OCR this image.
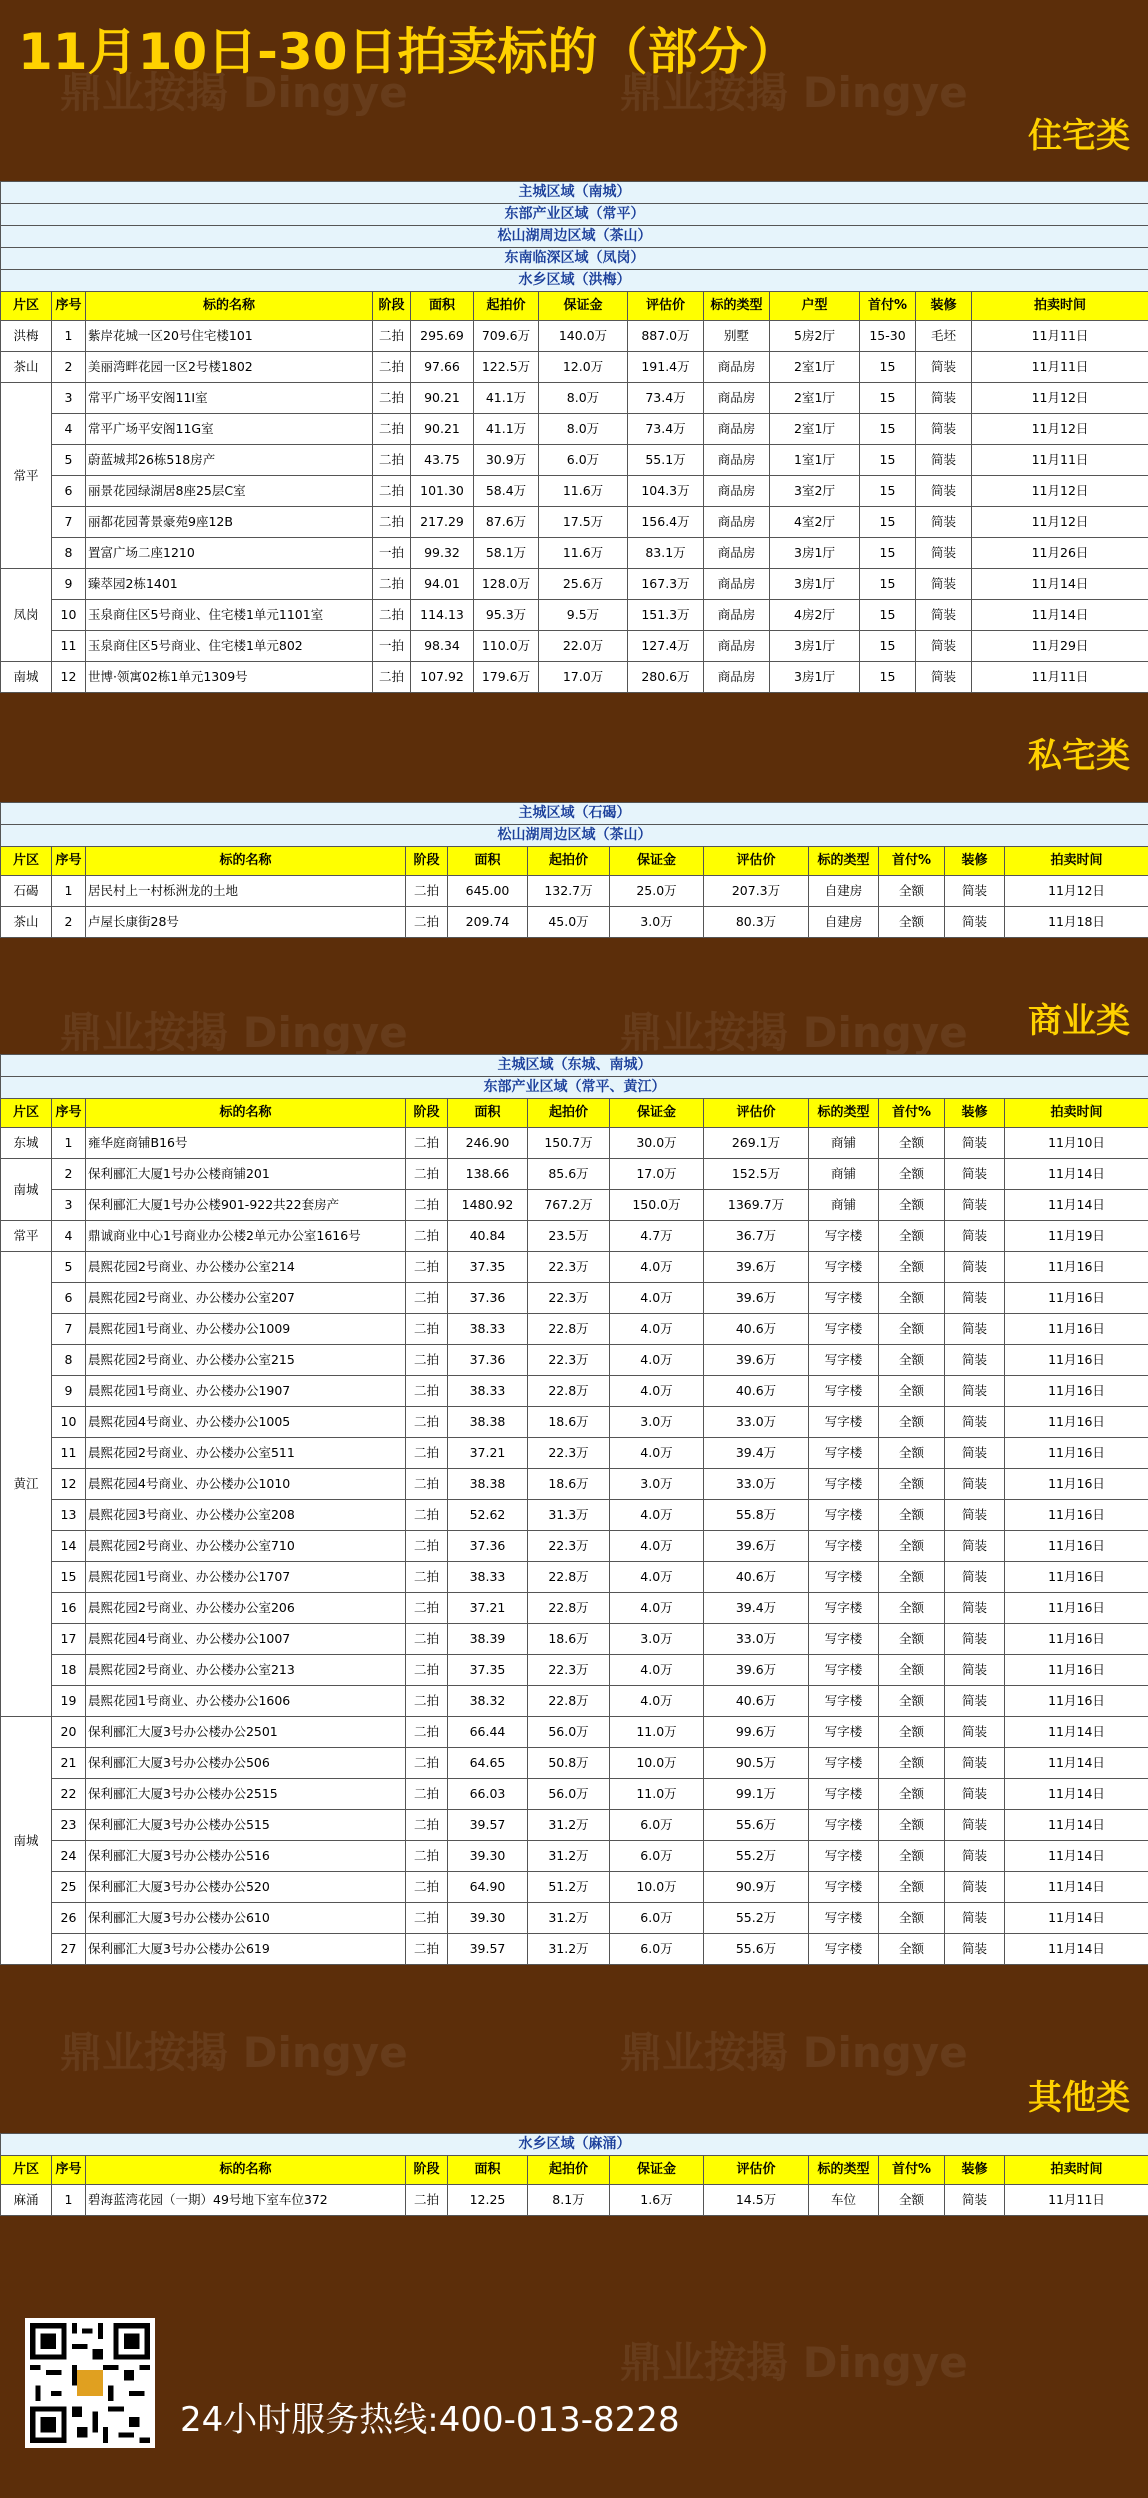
鼎业按揭 Dingye	鼎业按揭 Dingye
鼎业按揭 Dingye	鼎业按揭 Dingye
鼎业按揭 Dingye	鼎业按揭 Dingye
鼎业按揭 Dingye
11月10日-30日拍卖标的（部分）
住宅类
主城区域（南城）												
东部产业区域（常平）												
松山湖周边区域（茶山）												
东南临深区域（凤岗）												
水乡区域（洪梅）												
片区	序号	标的名称	阶段	面积	起拍价	保证金	评估价	标的类型	户型	首付%	装修	拍卖时间
洪梅	1	紫岸花城一区20号住宅楼101	二拍	295.69	709.6万	140.0万	887.0万	别墅	5房2厅	15-30	毛坯	11月11日
茶山	2	美丽湾畔花园一区2号楼1802	二拍	97.66	122.5万	12.0万	191.4万	商品房	2室1厅	15	简装	11月11日
常平	3	常平广场平安阁11I室	二拍	90.21	41.1万	8.0万	73.4万	商品房	2室1厅	15	简装	11月12日
	4	常平广场平安阁11G室	二拍	90.21	41.1万	8.0万	73.4万	商品房	2室1厅	15	简装	11月12日
	5	蔚蓝城邦26栋518房产	二拍	43.75	30.9万	6.0万	55.1万	商品房	1室1厅	15	简装	11月11日
	6	丽景花园绿湖居8座25层C室	二拍	101.30	58.4万	11.6万	104.3万	商品房	3室2厅	15	简装	11月12日
	7	丽都花园菁景豪苑9座12B	二拍	217.29	87.6万	17.5万	156.4万	商品房	4室2厅	15	简装	11月12日
	8	置富广场二座1210	一拍	99.32	58.1万	11.6万	83.1万	商品房	3房1厅	15	简装	11月26日
凤岗	9	臻萃园2栋1401	二拍	94.01	128.0万	25.6万	167.3万	商品房	3房1厅	15	简装	11月14日
	10	玉泉商住区5号商业、住宅楼1单元1101室	二拍	114.13	95.3万	9.5万	151.3万	商品房	4房2厅	15	简装	11月14日
	11	玉泉商住区5号商业、住宅楼1单元802	一拍	98.34	110.0万	22.0万	127.4万	商品房	3房1厅	15	简装	11月29日
南城	12	世博·领寓02栋1单元1309号	二拍	107.92	179.6万	17.0万	280.6万	商品房	3房1厅	15	简装	11月11日
私宅类
主城区域（石碣）											
松山湖周边区域（茶山）											
片区	序号	标的名称	阶段	面积	起拍价	保证金	评估价	标的类型	首付%	装修	拍卖时间
石碣	1	居民村上一村栎洲龙的土地	二拍	645.00	132.7万	25.0万	207.3万	自建房	全额	简装	11月12日
茶山	2	卢屋长康街28号	二拍	209.74	45.0万	3.0万	80.3万	自建房	全额	简装	11月18日
商业类
主城区域（东城、南城）											
东部产业区域（常平、黄江）											
片区	序号	标的名称	阶段	面积	起拍价	保证金	评估价	标的类型	首付%	装修	拍卖时间
东城	1	雍华庭商铺B16号	二拍	246.90	150.7万	30.0万	269.1万	商铺	全额	简装	11月10日
南城	2	保利郦汇大厦1号办公楼商铺201	二拍	138.66	85.6万	17.0万	152.5万	商铺	全额	简装	11月14日
	3	保利郦汇大厦1号办公楼901-922共22套房产	二拍	1480.92	767.2万	150.0万	1369.7万	商铺	全额	简装	11月14日
常平	4	鼎诚商业中心1号商业办公楼2单元办公室1616号	二拍	40.84	23.5万	4.7万	36.7万	写字楼	全额	简装	11月19日
黄江	5	晨熙花园2号商业、办公楼办公室214	二拍	37.35	22.3万	4.0万	39.6万	写字楼	全额	简装	11月16日
	6	晨熙花园2号商业、办公楼办公室207	二拍	37.36	22.3万	4.0万	39.6万	写字楼	全额	简装	11月16日
	7	晨熙花园1号商业、办公楼办公1009	二拍	38.33	22.8万	4.0万	40.6万	写字楼	全额	简装	11月16日
	8	晨熙花园2号商业、办公楼办公室215	二拍	37.36	22.3万	4.0万	39.6万	写字楼	全额	简装	11月16日
	9	晨熙花园1号商业、办公楼办公1907	二拍	38.33	22.8万	4.0万	40.6万	写字楼	全额	简装	11月16日
	10	晨熙花园4号商业、办公楼办公1005	二拍	38.38	18.6万	3.0万	33.0万	写字楼	全额	简装	11月16日
	11	晨熙花园2号商业、办公楼办公室511	二拍	37.21	22.3万	4.0万	39.4万	写字楼	全额	简装	11月16日
	12	晨熙花园4号商业、办公楼办公1010	二拍	38.38	18.6万	3.0万	33.0万	写字楼	全额	简装	11月16日
	13	晨熙花园3号商业、办公楼办公室208	二拍	52.62	31.3万	4.0万	55.8万	写字楼	全额	简装	11月16日
	14	晨熙花园2号商业、办公楼办公室710	二拍	37.36	22.3万	4.0万	39.6万	写字楼	全额	简装	11月16日
	15	晨熙花园1号商业、办公楼办公1707	二拍	38.33	22.8万	4.0万	40.6万	写字楼	全额	简装	11月16日
	16	晨熙花园2号商业、办公楼办公室206	二拍	37.21	22.8万	4.0万	39.4万	写字楼	全额	简装	11月16日
	17	晨熙花园4号商业、办公楼办公1007	二拍	38.39	18.6万	3.0万	33.0万	写字楼	全额	简装	11月16日
	18	晨熙花园2号商业、办公楼办公室213	二拍	37.35	22.3万	4.0万	39.6万	写字楼	全额	简装	11月16日
	19	晨熙花园1号商业、办公楼办公1606	二拍	38.32	22.8万	4.0万	40.6万	写字楼	全额	简装	11月16日
南城	20	保利郦汇大厦3号办公楼办公2501	二拍	66.44	56.0万	11.0万	99.6万	写字楼	全额	简装	11月14日
	21	保利郦汇大厦3号办公楼办公506	二拍	64.65	50.8万	10.0万	90.5万	写字楼	全额	简装	11月14日
	22	保利郦汇大厦3号办公楼办公2515	二拍	66.03	56.0万	11.0万	99.1万	写字楼	全额	简装	11月14日
	23	保利郦汇大厦3号办公楼办公515	二拍	39.57	31.2万	6.0万	55.6万	写字楼	全额	简装	11月14日
	24	保利郦汇大厦3号办公楼办公516	二拍	39.30	31.2万	6.0万	55.2万	写字楼	全额	简装	11月14日
	25	保利郦汇大厦3号办公楼办公520	二拍	64.90	51.2万	10.0万	90.9万	写字楼	全额	简装	11月14日
	26	保利郦汇大厦3号办公楼办公610	二拍	39.30	31.2万	6.0万	55.2万	写字楼	全额	简装	11月14日
	27	保利郦汇大厦3号办公楼办公619	二拍	39.57	31.2万	6.0万	55.6万	写字楼	全额	简装	11月14日
其他类
水乡区域（麻涌）											
片区	序号	标的名称	阶段	面积	起拍价	保证金	评估价	标的类型	首付%	装修	拍卖时间
麻涌	1	碧海蓝湾花园（一期）49号地下室车位372	二拍	12.25	8.1万	1.6万	14.5万	车位	全额	简装	11月11日
24小时服务热线:400-013-8228
